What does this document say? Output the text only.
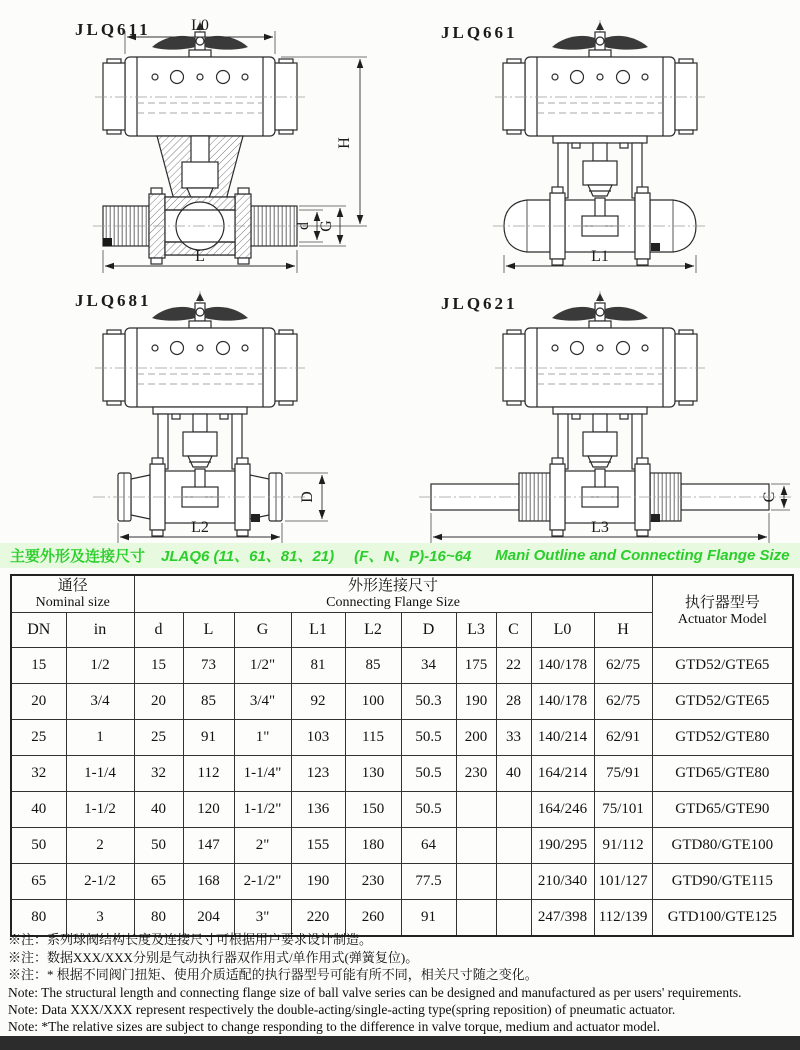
JLQ611	L0
H
d G
L
JLQ661
L1
JLQ681
D
L2
JLQ621
C
L3
主要外形及连接尺寸	JLAQ6 (11、61、81、21)	(F、N、P)-16~64	Mani Outline and Connecting Flange Size
通径
Nominal size

外形连接尺寸
Connecting Flange Size	执行器型号
Actuator Model

DN	in	d	L	G	L1	L2	D	L3	C	L0	H	
15	1/2	15	73	1/2"	81	85	34	175	22	140/178	62/75	GTD52/GTE65
20	3/4	20	85	3/4"	92	100	50.3	190	28	140/178	62/75	GTD52/GTE65
25	1	25	91	1"	103	115	50.5	200	33	140/214	62/91	GTD52/GTE80
32	1-1/4	32	112	1-1/4"	123	130	50.5	230	40	164/214	75/91	GTD65/GTE80
40	1-1/2	40	120	1-1/2"	136	150	50.5			164/246	75/101	GTD65/GTE90
50	2	50	147	2"	155	180	64			190/295	91/112	GTD80/GTE100
65	2-1/2	65	168	2-1/2"	190	230	77.5			210/340	101/127	GTD90/GTE115
80	3	80	204	3"	220	260	91			247/398	112/139	GTD100/GTE125

※注：系列球阀结构长度及连接尺寸可根据用户要求设计制造。

※注：数据XXX/XXX分别是气动执行器双作用式/单作用式(弹簧复位)。

※注：* 根据不同阀门扭矩、使用介质适配的执行器型号可能有所不同，相关尺寸随之变化。

Note: The structural length and connecting flange size of ball valve series can be designed and manufactured as per users' requirements.

Note: Data XXX/XXX represent respectively the double-acting/single-acting type(spring reposition) of pneumatic actuator.

Note: *The relative sizes are subject to change responding to the difference in valve torque, medium and actuator model.
